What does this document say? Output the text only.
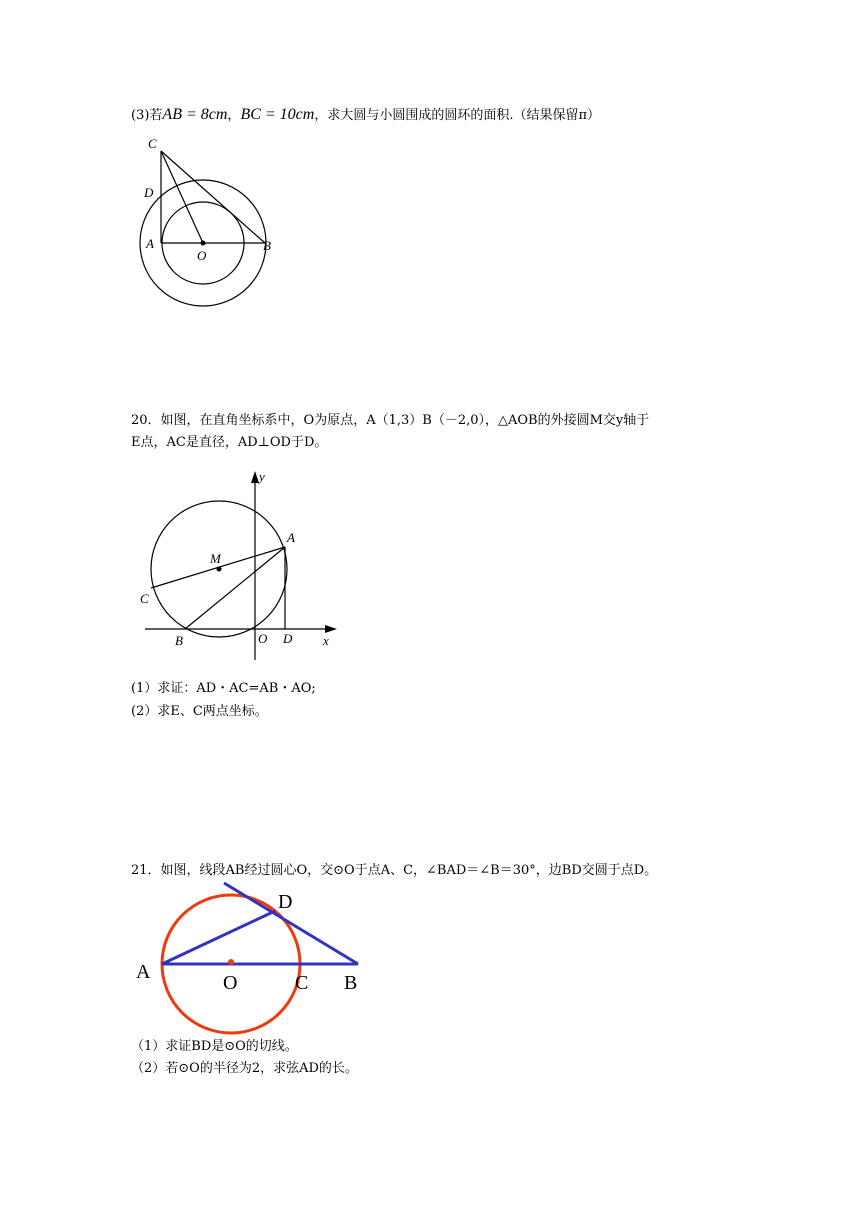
(3)若AB = 8cm，BC = 10cm，求大圆与小圆围成的圆环的面积.（结果保留π）
C
D
A
O
B
20．如图，在直角坐标系中，O为原点，A（1,3）B（－2,0），△AOB的外接圆M交y轴于
E点，AC是直径，AD⊥OD于D。
y
A
M
C
B	O D x
(1）求证：AD・AC=AB・AO;
(2）求E、C两点坐标。
21．如图，线段AB经过圆心O，交⊙O于点A、C，∠BAD＝∠B＝30°，边BD交圆于点D。
D
A	O	C B
（1）求证BD是⊙O的切线。
（2）若⊙O的半径为2，求弦AD的长。
